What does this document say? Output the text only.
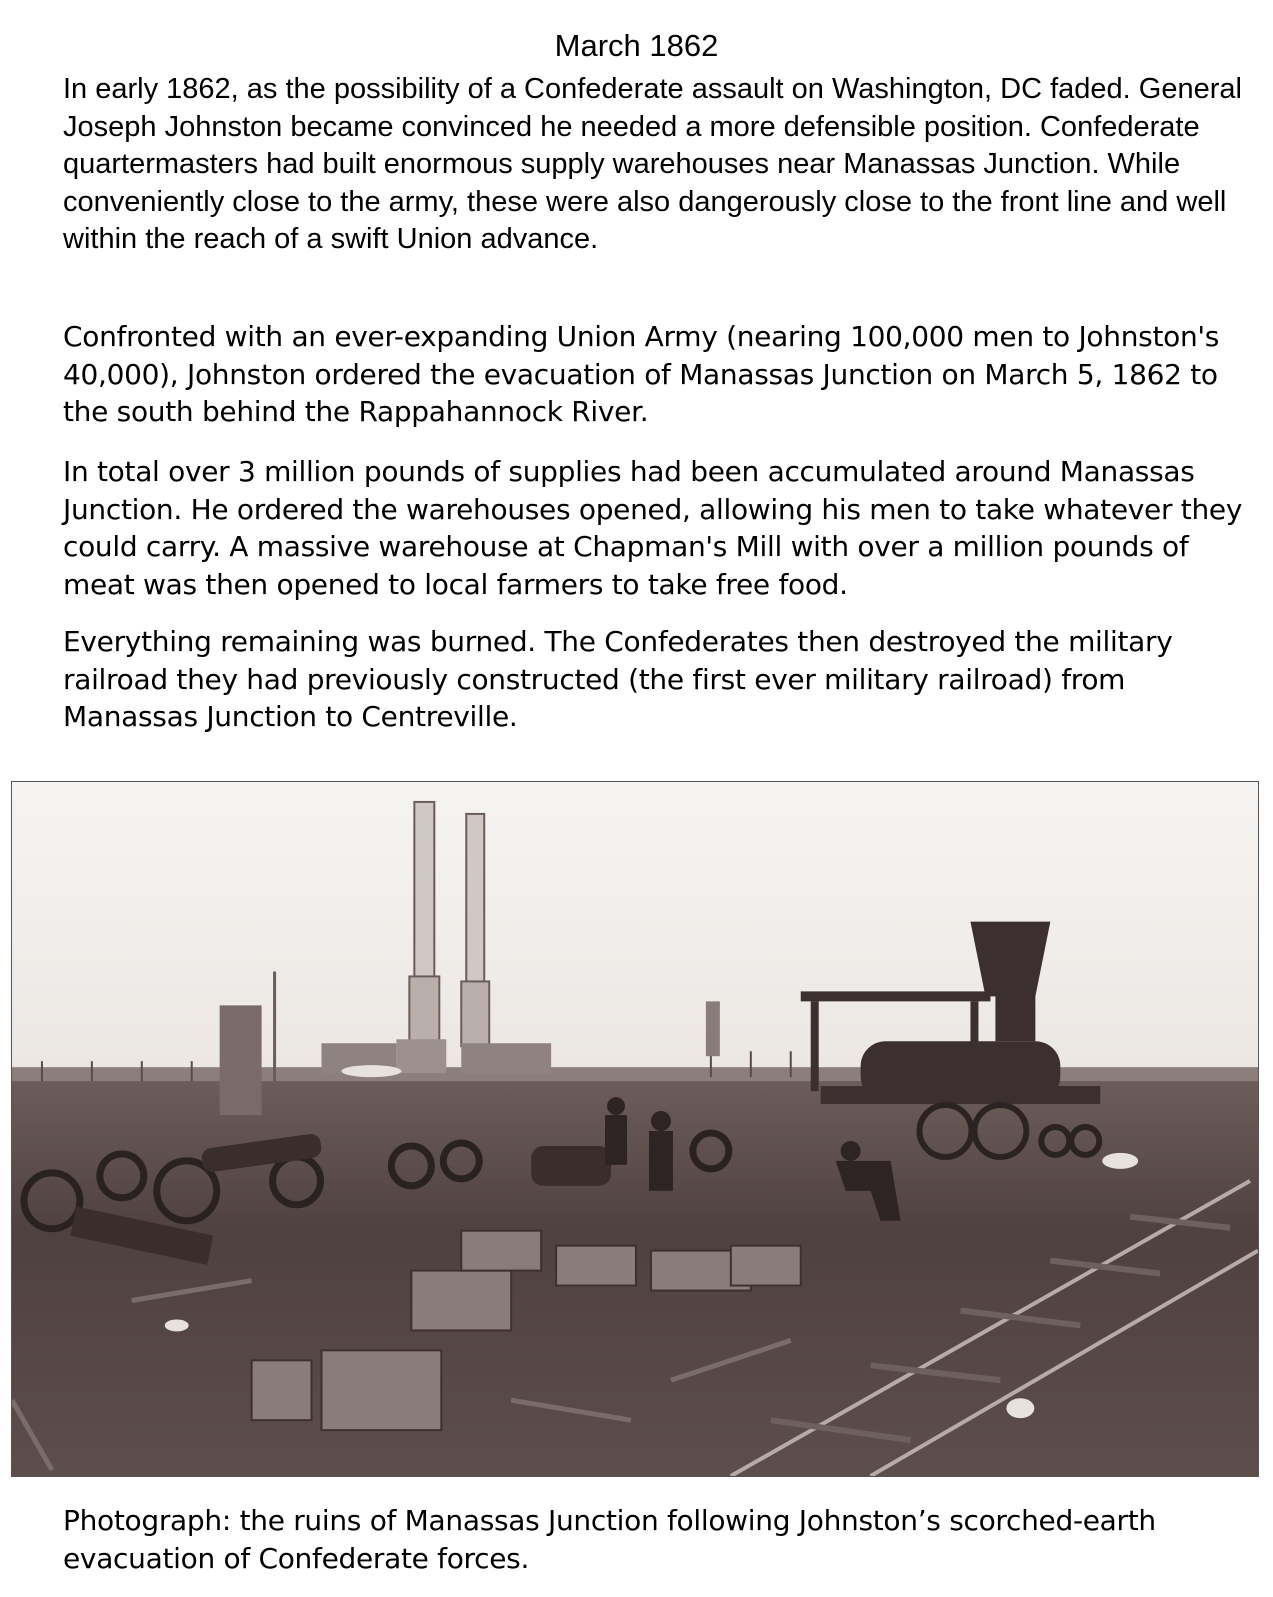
March 1862

In early 1862, as the possibility of a Confederate assault on Washington, DC faded. General Joseph Johnston became convinced he needed a more defensible position. Confederate quartermasters had built enormous supply warehouses near Manassas Junction. While conveniently close to the army, these were also dangerously close to the front line and well within the reach of a swift Union advance.

Confronted with an ever-expanding Union Army (nearing 100,000 men to Johnston's 40,000), Johnston ordered the evacuation of Manassas Junction on March 5, 1862 to the south behind the Rappahannock River.

In total over 3 million pounds of supplies had been accumulated around Manassas Junction. He ordered the warehouses opened, allowing his men to take whatever they could carry. A massive warehouse at Chapman's Mill with over a million pounds of meat was then opened to local farmers to take free food.

Everything remaining was burned. The Confederates then destroyed the military railroad they had previously constructed (the first ever military railroad) from Manassas Junction to Centreville.

Photograph: the ruins of Manassas Junction following Johnston’s scorched-earth evacuation of Confederate forces.
